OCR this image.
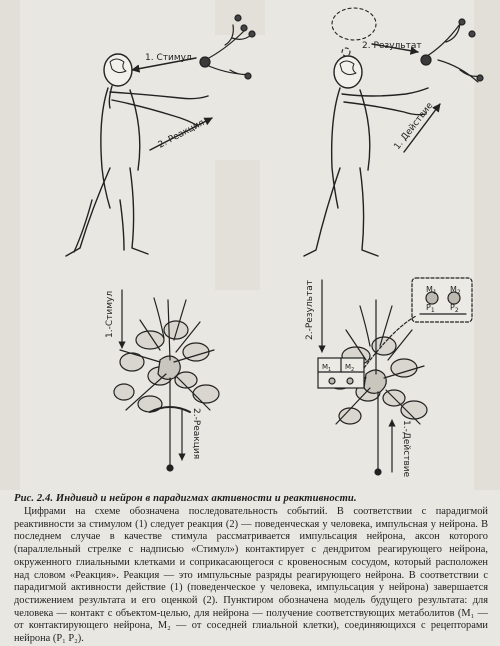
1. Стимул
2. Реакция
2. Результат
1. Действие
1.-Стимул
2.-Реакция
2.-Результат
1.-Действие
$M_1$ $M_2$
$P_1$ $P_2$
$M_1$ $M_2$
Рис. 2.4. Индивид и нейрон в парадигмах активности и реактивности.
Цифрами на схеме обозначена последовательность событий. В соответствии с парадигмой реактивности за стимулом (1) следует реакция (2) — поведенческая у человека, импульсная у нейрона. В последнем случае в качестве стимула рассматривается импульсация нейрона, аксон которого (параллельный стрелке с надписью «Стимул») контактирует с дендритом реагирующего нейрона, окруженного глиальными клетками и соприкасающегося с кровеносным сосудом, который расположен над словом «Реакция». Реакция — это импульсные разряды реагирующего нейрона. В соответствии с парадигмой активности действие (1) (поведенческое у человека, импульсация у нейрона) завершается достижением результата и его оценкой (2). Пунктиром обозначена модель будущего результата: для человека — контакт с объектом-целью, для нейрона — получение соответствующих метаболитов (M₁ — от контактирующего нейрона, M₂ — от соседней глиальной клетки), соединяющихся с рецепторами нейрона (P₁ P₂).
